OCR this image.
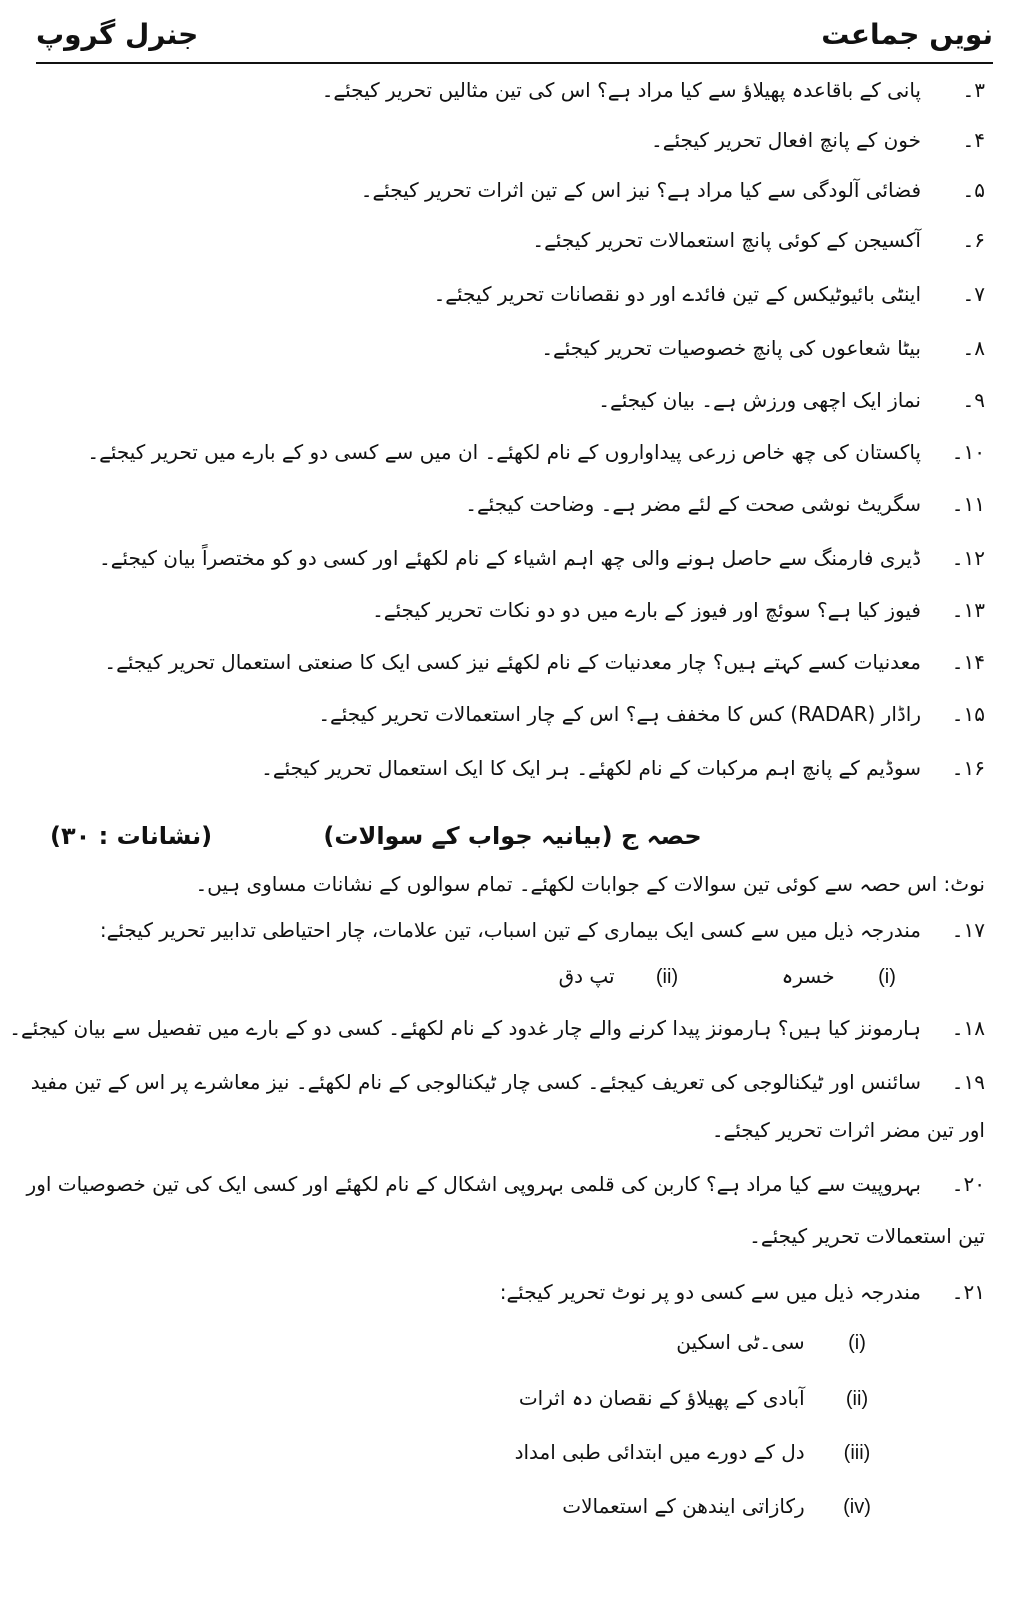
نویں جماعت
جنرل گروپ
۳۔
پانی کے باقاعدہ پھیلاؤ سے کیا مراد ہے؟ اس کی تین مثالیں تحریر کیجئے۔
۴۔
خون کے پانچ افعال تحریر کیجئے۔
۵۔
فضائی آلودگی سے کیا مراد ہے؟ نیز اس کے تین اثرات تحریر کیجئے۔
۶۔
آکسیجن کے کوئی پانچ استعمالات تحریر کیجئے۔
۷۔
اینٹی بائیوٹیکس کے تین فائدے اور دو نقصانات تحریر کیجئے۔
۸۔
بیٹا شعاعوں کی پانچ خصوصیات تحریر کیجئے۔
۹۔
نماز ایک اچھی ورزش ہے۔ بیان کیجئے۔
۱۰۔
پاکستان کی چھ خاص زرعی پیداواروں کے نام لکھئے۔ ان میں سے کسی دو کے بارے میں تحریر کیجئے۔
۱۱۔
سگریٹ نوشی صحت کے لئے مضر ہے۔ وضاحت کیجئے۔
۱۲۔
ڈیری فارمنگ سے حاصل ہونے والی چھ اہم اشیاء کے نام لکھئے اور کسی دو کو مختصراً بیان کیجئے۔
۱۳۔
فیوز کیا ہے؟ سوئچ اور فیوز کے بارے میں دو دو نکات تحریر کیجئے۔
۱۴۔
معدنیات کسے کہتے ہیں؟ چار معدنیات کے نام لکھئے نیز کسی ایک کا صنعتی استعمال تحریر کیجئے۔
۱۵۔
راڈار (RADAR) کس کا مخفف ہے؟ اس کے چار استعمالات تحریر کیجئے۔
۱۶۔
سوڈیم کے پانچ اہم مرکبات کے نام لکھئے۔ ہر ایک کا ایک استعمال تحریر کیجئے۔
حصہ ج (بیانیہ جواب کے سوالات)
(نشانات : ۳۰)
نوٹ: اس حصہ سے کوئی تین سوالات کے جوابات لکھئے۔ تمام سوالوں کے نشانات مساوی ہیں۔
۱۷۔
مندرجہ ذیل میں سے کسی ایک بیماری کے تین اسباب، تین علامات، چار احتیاطی تدابیر تحریر کیجئے:
(i) خسرہ
(ii) تپ دق
۱۸۔
ہارمونز کیا ہیں؟ ہارمونز پیدا کرنے والے چار غدود کے نام لکھئے۔ کسی دو کے بارے میں تفصیل سے بیان کیجئے۔
۱۹۔
سائنس اور ٹیکنالوجی کی تعریف کیجئے۔ کسی چار ٹیکنالوجی کے نام لکھئے۔ نیز معاشرے پر اس کے تین مفید
اور تین مضر اثرات تحریر کیجئے۔
۲۰۔
بہروپیت سے کیا مراد ہے؟ کاربن کی قلمی بہروپی اشکال کے نام لکھئے اور کسی ایک کی تین خصوصیات اور
تین استعمالات تحریر کیجئے۔
۲۱۔
مندرجہ ذیل میں سے کسی دو پر نوٹ تحریر کیجئے:
(i) سی۔ٹی اسکین
(ii) آبادی کے پھیلاؤ کے نقصان دہ اثرات
(iii) دل کے دورے میں ابتدائی طبی امداد
(iv) رکازاتی ایندھن کے استعمالات
